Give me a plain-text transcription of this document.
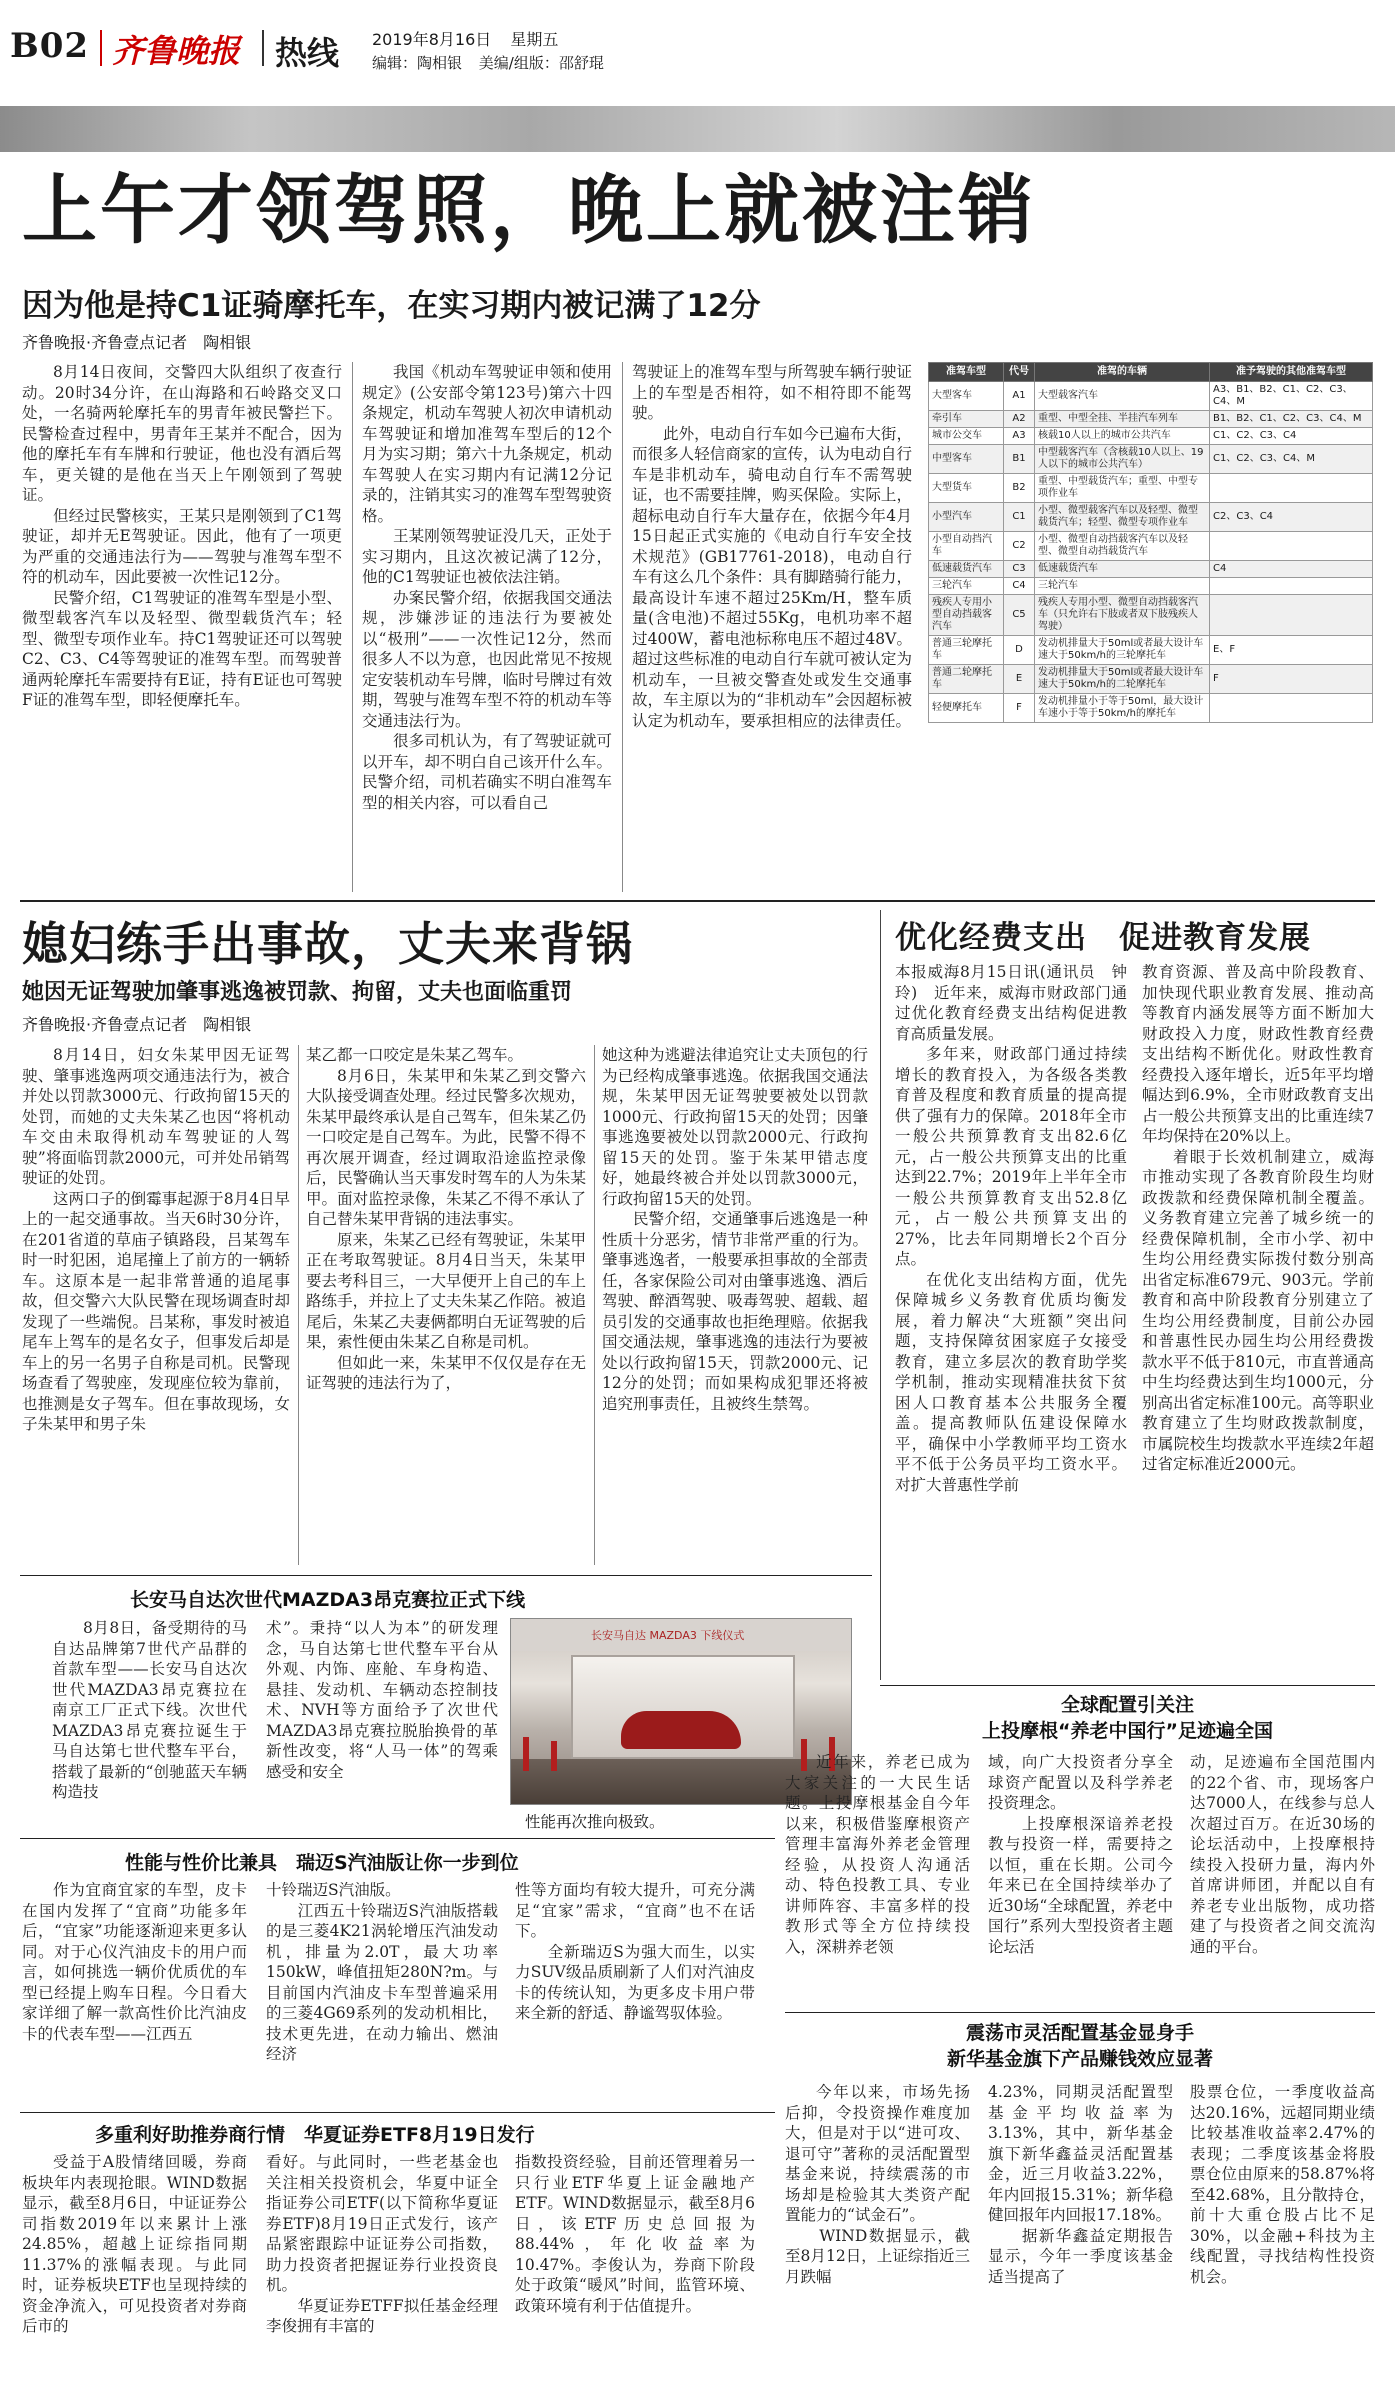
B02 齐鲁晚报 热线 2019年8月16日 星期五
编辑：陶相银 美编/组版：邵舒琨
上午才领驾照，晚上就被注销
因为他是持C1证骑摩托车，在实习期内被记满了12分
齐鲁晚报·齐鲁壹点记者　陶相银

8月14日夜间，交警四大队组织了夜查行动。20时34分许，在山海路和石岭路交叉口处，一名骑两轮摩托车的男青年被民警拦下。民警检查过程中，男青年王某并不配合，因为他的摩托车有车牌和行驶证，他也没有酒后驾车，更关键的是他在当天上午刚领到了驾驶证。

但经过民警核实，王某只是刚领到了C1驾驶证，却并无E驾驶证。因此，他有了一项更为严重的交通违法行为——驾驶与准驾车型不符的机动车，因此要被一次性记12分。

民警介绍，C1驾驶证的准驾车型是小型、微型载客汽车以及轻型、微型载货汽车；轻型、微型专项作业车。持C1驾驶证还可以驾驶C2、C3、C4等驾驶证的准驾车型。而驾驶普通两轮摩托车需要持有E证，持有E证也可驾驶F证的准驾车型，即轻便摩托车。

我国《机动车驾驶证申领和使用规定》(公安部令第123号)第六十四条规定，机动车驾驶人初次申请机动车驾驶证和增加准驾车型后的12个月为实习期；第六十九条规定，机动车驾驶人在实习期内有记满12分记录的，注销其实习的准驾车型驾驶资格。

王某刚领驾驶证没几天，正处于实习期内，且这次被记满了12分，他的C1驾驶证也被依法注销。

办案民警介绍，依据我国交通法规，涉嫌涉证的违法行为要被处以“极刑”——一次性记12分，然而很多人不以为意，也因此常见不按规定安装机动车号牌，临时号牌过有效期，驾驶与准驾车型不符的机动车等交通违法行为。

很多司机认为，有了驾驶证就可以开车，却不明白自己该开什么车。民警介绍，司机若确实不明白准驾车型的相关内容，可以看自己

驾驶证上的准驾车型与所驾驶车辆行驶证上的车型是否相符，如不相符即不能驾驶。

此外，电动自行车如今已遍布大街，而很多人轻信商家的宣传，认为电动自行车是非机动车，骑电动自行车不需驾驶证，也不需要挂牌，购买保险。实际上，超标电动自行车大量存在，依据今年4月15日起正式实施的《电动自行车安全技术规范》(GB17761-2018)，电动自行车有这么几个条件：具有脚踏骑行能力，最高设计车速不超过25Km/H，整车质量(含电池)不超过55Kg，电机功率不超过400W，蓄电池标称电压不超过48V。超过这些标准的电动自行车就可被认定为机动车，一旦被交警查处或发生交通事故，车主原以为的“非机动车”会因超标被认定为机动车，要承担相应的法律责任。

准驾车型	代号	准驾的车辆	准予驾驶的其他准驾车型
大型客车	A1	大型载客汽车	A3、B1、B2、C1、C2、C3、C4、M
牵引车	A2	重型、中型全挂、半挂汽车列车	B1、B2、C1、C2、C3、C4、M
城市公交车	A3	核载10人以上的城市公共汽车	C1、C2、C3、C4
中型客车	B1	中型载客汽车（含核载10人以上、19人以下的城市公共汽车）	C1、C2、C3、C4、M
大型货车	B2	重型、中型载货汽车；重型、中型专项作业车	
小型汽车	C1	小型、微型载客汽车以及轻型、微型载货汽车；轻型、微型专项作业车	C2、C3、C4
小型自动挡汽车	C2	小型、微型自动挡载客汽车以及轻型、微型自动挡载货汽车	
低速载货汽车	C3	低速载货汽车	C4
三轮汽车	C4	三轮汽车	
残疾人专用小型自动挡载客汽车	C5	残疾人专用小型、微型自动挡载客汽车（只允许右下肢或者双下肢残疾人驾驶）	
普通三轮摩托车	D	发动机排量大于50ml或者最大设计车速大于50km/h的三轮摩托车	E、F
普通二轮摩托车	E	发动机排量大于50ml或者最大设计车速大于50km/h的二轮摩托车	F
轻便摩托车	F	发动机排量小于等于50ml，最大设计车速小于等于50km/h的摩托车	
媳妇练手出事故，丈夫来背锅
她因无证驾驶加肇事逃逸被罚款、拘留，丈夫也面临重罚
齐鲁晚报·齐鲁壹点记者　陶相银

8月14日，妇女朱某甲因无证驾驶、肇事逃逸两项交通违法行为，被合并处以罚款3000元、行政拘留15天的处罚，而她的丈夫朱某乙也因“将机动车交由未取得机动车驾驶证的人驾驶”将面临罚款2000元，可并处吊销驾驶证的处罚。

这两口子的倒霉事起源于8月4日早上的一起交通事故。当天6时30分许，在201省道的草庙子镇路段，吕某驾车时一时犯困，追尾撞上了前方的一辆轿车。这原本是一起非常普通的追尾事故，但交警六大队民警在现场调查时却发现了一些端倪。吕某称，事发时被追尾车上驾车的是名女子，但事发后却是车上的另一名男子自称是司机。民警现场查看了驾驶座，发现座位较为靠前，也推测是女子驾车。但在事故现场，女子朱某甲和男子朱

某乙都一口咬定是朱某乙驾车。

8月6日，朱某甲和朱某乙到交警六大队接受调查处理。经过民警多次规劝，朱某甲最终承认是自己驾车，但朱某乙仍一口咬定是自己驾车。为此，民警不得不再次展开调查，经过调取沿途监控录像后，民警确认当天事发时驾车的人为朱某甲。面对监控录像，朱某乙不得不承认了自己替朱某甲背锅的违法事实。

原来，朱某乙已经有驾驶证，朱某甲正在考取驾驶证。8月4日当天，朱某甲要去考科目三，一大早便开上自己的车上路练手，并拉上了丈夫朱某乙作陪。被追尾后，朱某乙夫妻俩都明白无证驾驶的后果，索性便由朱某乙自称是司机。

但如此一来，朱某甲不仅仅是存在无证驾驶的违法行为了，

她这种为逃避法律追究让丈夫顶包的行为已经构成肇事逃逸。依据我国交通法规，朱某甲因无证驾驶要被处以罚款1000元、行政拘留15天的处罚；因肇事逃逸要被处以罚款2000元、行政拘留15天的处罚。鉴于朱某甲错志度好，她最终被合并处以罚款3000元，行政拘留15天的处罚。

民警介绍，交通肇事后逃逸是一种性质十分恶劣，情节非常严重的行为。肇事逃逸者，一般要承担事故的全部责任，各家保险公司对由肇事逃逸、酒后驾驶、醉酒驾驶、吸毒驾驶、超载、超员引发的交通事故也拒绝理赔。依据我国交通法规，肇事逃逸的违法行为要被处以行政拘留15天，罚款2000元、记12分的处罚；而如果构成犯罪还将被追究刑事责任，且被终生禁驾。

优化经费支出　促进教育发展

本报威海8月15日讯(通讯员　钟玲)　近年来，威海市财政部门通过优化教育经费支出结构促进教育高质量发展。

多年来，财政部门通过持续增长的教育投入，为各级各类教育普及程度和教育质量的提高提供了强有力的保障。2018年全市一般公共预算教育支出82.6亿元，占一般公共预算支出的比重达到22.7%；2019年上半年全市一般公共预算教育支出52.8亿元，占一般公共预算支出的27%，比去年同期增长2个百分点。

在优化支出结构方面，优先保障城乡义务教育优质均衡发展，着力解决“大班额”突出问题，支持保障贫困家庭子女接受教育，建立多层次的教育助学奖学机制，推动实现精准扶贫下贫困人口教育基本公共服务全覆盖。提高教师队伍建设保障水平，确保中小学教师平均工资水平不低于公务员平均工资水平。对扩大普惠性学前

教育资源、普及高中阶段教育、加快现代职业教育发展、推动高等教育内涵发展等方面不断加大财政投入力度，财政性教育经费支出结构不断优化。财政性教育经费投入逐年增长，近5年平均增幅达到6.9%，全市财政教育支出占一般公共预算支出的比重连续7年均保持在20%以上。

着眼于长效机制建立，威海市推动实现了各教育阶段生均财政拨款和经费保障机制全覆盖。义务教育建立完善了城乡统一的经费保障机制，全市小学、初中生均公用经费实际拨付数分别高出省定标准679元、903元。学前教育和高中阶段教育分别建立了生均公用经费制度，目前公办园和普惠性民办园生均公用经费拨款水平不低于810元，市直普通高中生均经费达到生均1000元，分别高出省定标准100元。高等职业教育建立了生均财政拨款制度，市属院校生均拨款水平连续2年超过省定标准近2000元。

长安马自达次世代MAZDA3昂克赛拉正式下线

8月8日，备受期待的马自达品牌第7世代产品群的首款车型——长安马自达次世代MAZDA3昂克赛拉在南京工厂正式下线。次世代MAZDA3昂克赛拉诞生于马自达第七世代整车平台，搭载了最新的“创驰蓝天车辆构造技

术”。秉持“以人为本”的研发理念，马自达第七世代整车平台从外观、内饰、座舱、车身构造、悬挂、发动机、车辆动态控制技术、NVH等方面给予了次世代MAZDA3昂克赛拉脱胎换骨的革新性改变，将“人马一体”的驾乘感受和安全

长安马自达 MAZDA3 下线仪式
性能再次推向极致。
全球配置引关注
上投摩根“养老中国行”足迹遍全国

近年来，养老已成为大家关注的一大民生话题。上投摩根基金自今年以来，积极借鉴摩根资产管理丰富海外养老金管理经验，从投资人沟通活动、特色投教工具、专业讲师阵容、丰富多样的投教形式等全方位持续投入，深耕养老领

域，向广大投资者分享全球资产配置以及科学养老投资理念。
　　上投摩根深谙养老投教与投资一样，需要持之以恒，重在长期。公司今年来已在全国持续举办了近30场“全球配置，养老中国行”系列大型投资者主题论坛活

动，足迹遍布全国范围内的22个省、市，现场客户达7000人，在线参与总人次超过百万。在近30场的论坛活动中，上投摩根持续投入投研力量，海内外首席讲师团，并配以自有养老专业出版物，成功搭建了与投资者之间交流沟通的平台。

性能与性价比兼具　瑞迈S汽油版让你一步到位

作为宜商宜家的车型，皮卡在国内发挥了“宜商”功能多年后，“宜家”功能逐渐迎来更多认同。对于心仪汽油皮卡的用户而言，如何挑选一辆价优质优的车型已经提上购车日程。今日看大家详细了解一款高性价比汽油皮卡的代表车型——江西五

十铃瑞迈S汽油版。
　　江西五十铃瑞迈S汽油版搭载的是三菱4K21涡轮增压汽油发动机，排量为2.0T，最大功率150kW，峰值扭矩280N?m。与目前国内汽油皮卡车型普遍采用的三菱4G69系列的发动机相比，技术更先进，在动力输出、燃油经济

性等方面均有较大提升，可充分满足“宜家”需求，“宜商”也不在话下。
　　全新瑞迈S为强大而生，以实力SUV级品质刷新了人们对汽油皮卡的传统认知，为更多皮卡用户带来全新的舒适、静谧驾驭体验。

多重利好助推券商行情　华夏证券ETF8月19日发行

受益于A股情绪回暖，券商板块年内表现抢眼。WIND数据显示，截至8月6日，中证证券公司指数2019年以来累计上涨24.85%，超越上证综指同期11.37%的涨幅表现。与此同时，证券板块ETF也呈现持续的资金净流入，可见投资者对券商后市的

看好。与此同时，一些老基金也关注相关投资机会，华夏中证全指证券公司ETF(以下简称华夏证券ETF)8月19日正式发行，该产品紧密跟踪中证证券公司指数，助力投资者把握证券行业投资良机。
　　华夏证券ETFF拟任基金经理李俊拥有丰富的

指数投资经验，目前还管理着另一只行业ETF华夏上证金融地产ETF。WIND数据显示，截至8月6日，该ETF历史总回报为88.44%，年化收益率为10.47%。李俊认为，券商下阶段处于政策“暖风”时间，监管环境、政策环境有利于估值提升。

震荡市灵活配置基金显身手
新华基金旗下产品赚钱效应显著

今年以来，市场先扬后抑，令投资操作难度加大，但是对于以“进可攻、退可守”著称的灵活配置型基金来说，持续震荡的市场却是检验其大类资产配置能力的“试金石”。
　　WIND数据显示，截至8月12日，上证综指近三月跌幅

4.23%，同期灵活配置型基金平均收益率为3.13%，其中，新华基金旗下新华鑫益灵活配置基金，近三月收益3.22%，年内回报15.31%；新华稳健回报年内回报17.18%。
　　据新华鑫益定期报告显示，今年一季度该基金适当提高了

股票仓位，一季度收益高达20.16%，远超同期业绩比较基准收益率2.47%的表现；二季度该基金将股票仓位由原来的58.87%将至42.68%，且分散持仓，前十大重仓股占比不足30%，以金融+科技为主线配置，寻找结构性投资机会。
